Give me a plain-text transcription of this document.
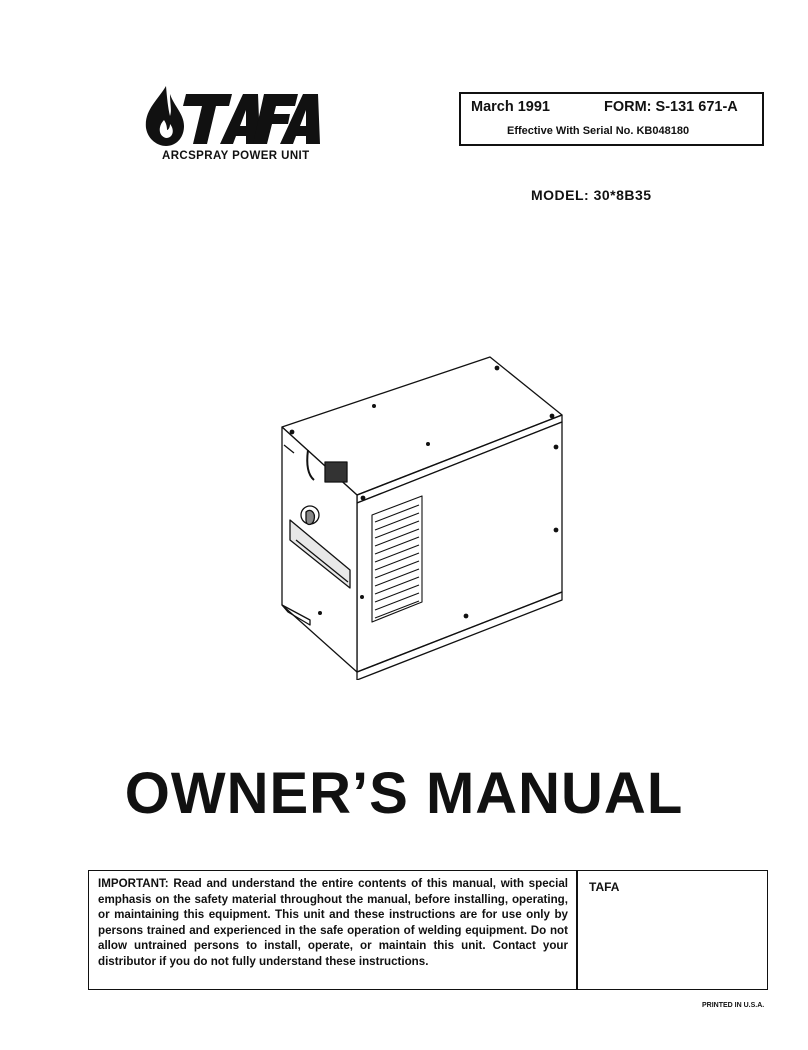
ARCSPRAY POWER UNIT
March 1991	FORM: S-131 671-A
Effective With Serial No. KB048180
MODEL: 30*8B35
OWNER’S MANUAL
IMPORTANT: Read and understand the entire contents of this manual, with special emphasis on the safety material throughout the manual, before installing, operating, or maintaining this equipment. This unit and these instructions are for use only by persons trained and experienced in the safe operation of welding equipment. Do not allow untrained persons to install, operate, or maintain this unit. Contact your distributor if you do not fully understand these instructions.
TAFA
PRINTED IN U.S.A.
